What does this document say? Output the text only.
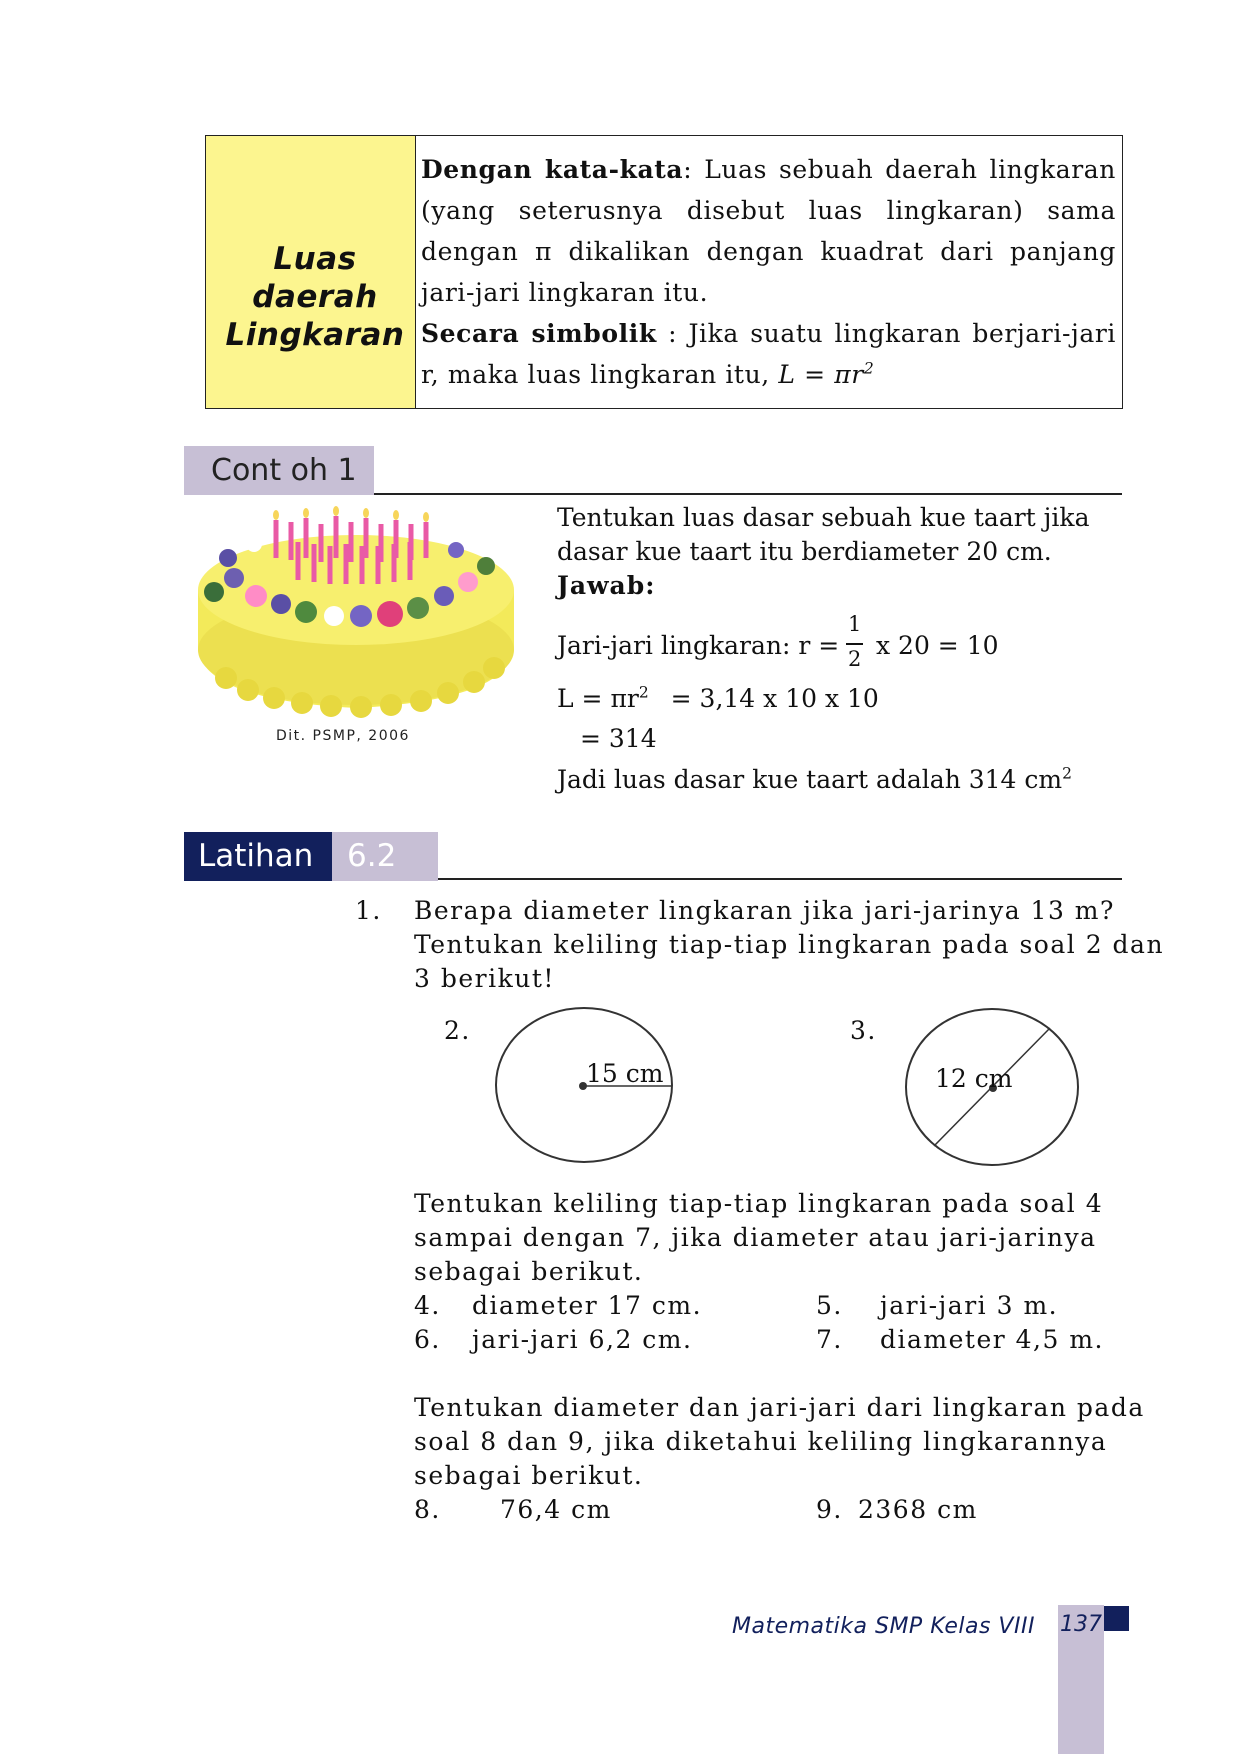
Luas daerah
Lingkaran
Dengan kata-kata: Luas sebuah daerah lingkaran (yang seterusnya disebut luas lingkaran) sama dengan π dikalikan dengan kuadrat dari panjang jari-jari lingkaran itu.
Secara simbolik : Jika suatu lingkaran berjari-jari r, maka luas lingkaran itu, $L = \pi r^2$
Cont oh 1
Dit. PSMP, 2006
Tentukan luas dasar sebuah kue taart jika
dasar kue taart itu berdiameter 20 cm.
Jawab:
Jari-jari lingkaran: r =
1
2 x 20 = 10
$L = \pi r^2 = 3,14$ x 10 x 10
= 314
Jadi luas dasar kue taart adalah 314 $cm^2$
Latihan	6.2
1. Berapa diameter lingkaran jika jari-jarinya 13 m?
Tentukan keliling tiap-tiap lingkaran pada soal 2 dan
3 berikut!
2.
15 cm
3.
12 cm
Tentukan keliling tiap-tiap lingkaran pada soal 4
sampai dengan 7, jika diameter atau jari-jarinya
sebagai berikut.
4. diameter 17 cm.	5. jari-jari 3 m.
6. jari-jari 6,2 cm.	7. diameter 4,5 m.
Tentukan diameter dan jari-jari dari lingkaran pada
soal 8 dan 9, jika diketahui keliling lingkarannya
sebagai berikut.
8. 76,4 cm	9. 2368 cm
Matematika SMP Kelas VIII 137
